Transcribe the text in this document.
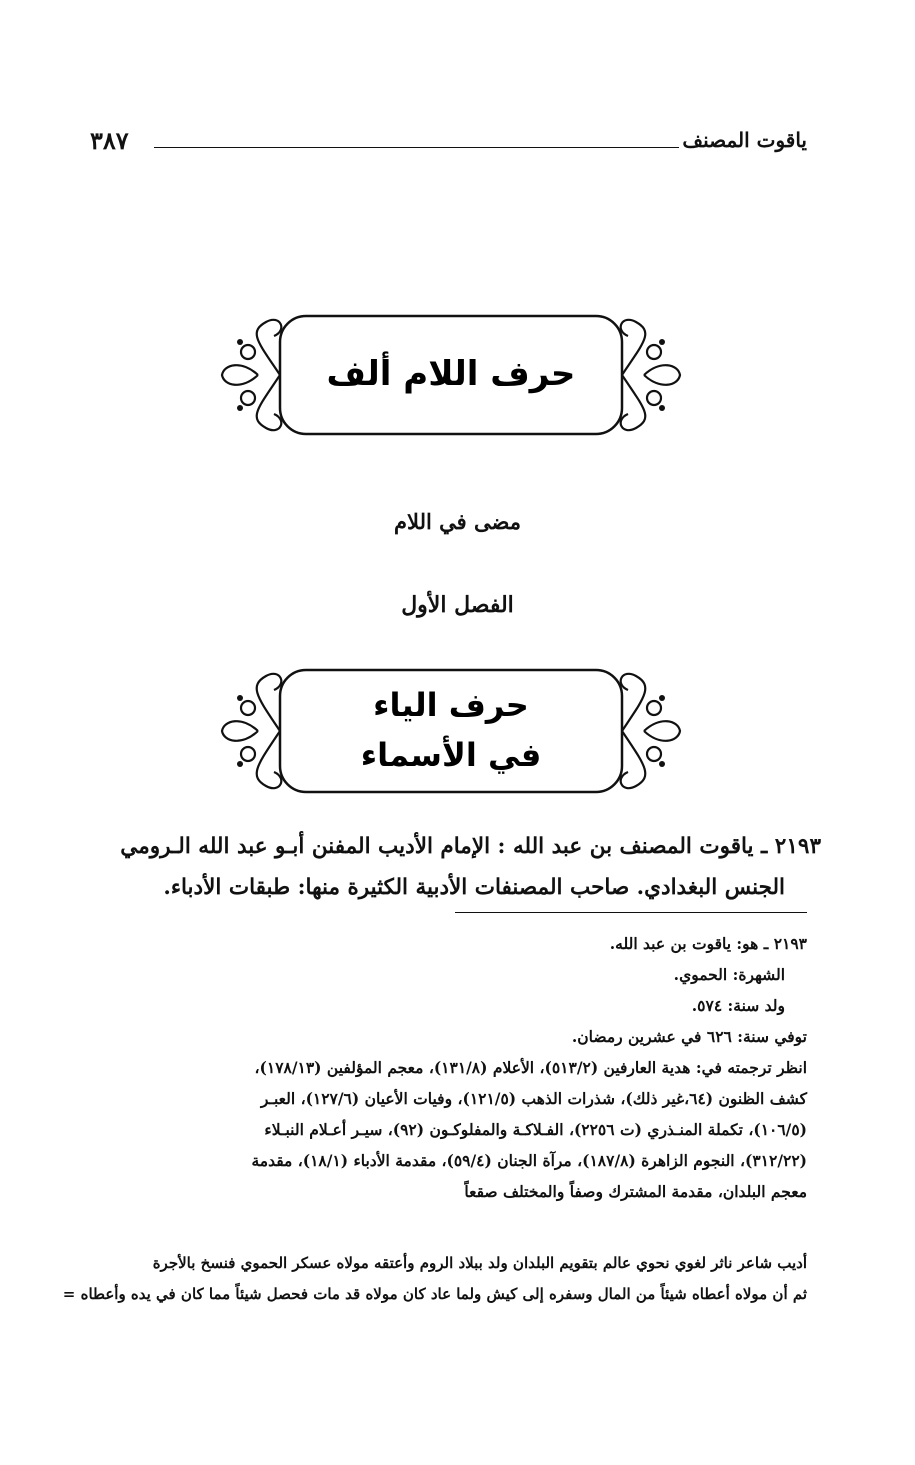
ياقوت المصنف
٣٨٧
حرف اللام ألف
مضى في اللام
الفصل الأول
حرف الياء
في الأسماء
٢١٩٣ ـ ياقوت المصنف بن عبد الله : الإمام الأديب المفنن أبـو عبد الله الـرومي
الجنس البغدادي. صاحب المصنفات الأدبية الكثيرة منها: طبقات الأدباء.
٢١٩٣ ـ هو: ياقوت بن عبد الله.
الشهرة: الحموي.
ولد سنة: ٥٧٤.
توفي سنة: ٦٢٦ في عشرين رمضان.
انظر ترجمته في: هدية العارفين (٥١٣/٢)، الأعلام (١٣١/٨)، معجم المؤلفين (١٧٨/١٣)،
كشف الظنون (٦٤،غير ذلك)، شذرات الذهب (١٢١/٥)، وفيات الأعيان (١٢٧/٦)، العبـر
(١٠٦/٥)، تكملة المنـذري (ت ٢٢٥٦)، الفـلاكـة والمفلوكـون (٩٢)، سيـر أعـلام النبـلاء
(٣١٢/٢٢)، النجوم الزاهرة (١٨٧/٨)، مرآة الجنان (٥٩/٤)، مقدمة الأدباء (١٨/١)، مقدمة
معجم البلدان، مقدمة المشترك وصفاً والمختلف صقعاً
أديب شاعر ناثر لغوي نحوي عالم بتقويم البلدان ولد ببلاد الروم وأعتقه مولاه عسكر الحموي فنسخ بالأجرة
ثم أن مولاه أعطاه شيئاً من المال وسفره إلى كيش ولما عاد كان مولاه قد مات فحصل شيئاً مما كان في يده وأعطاه =
